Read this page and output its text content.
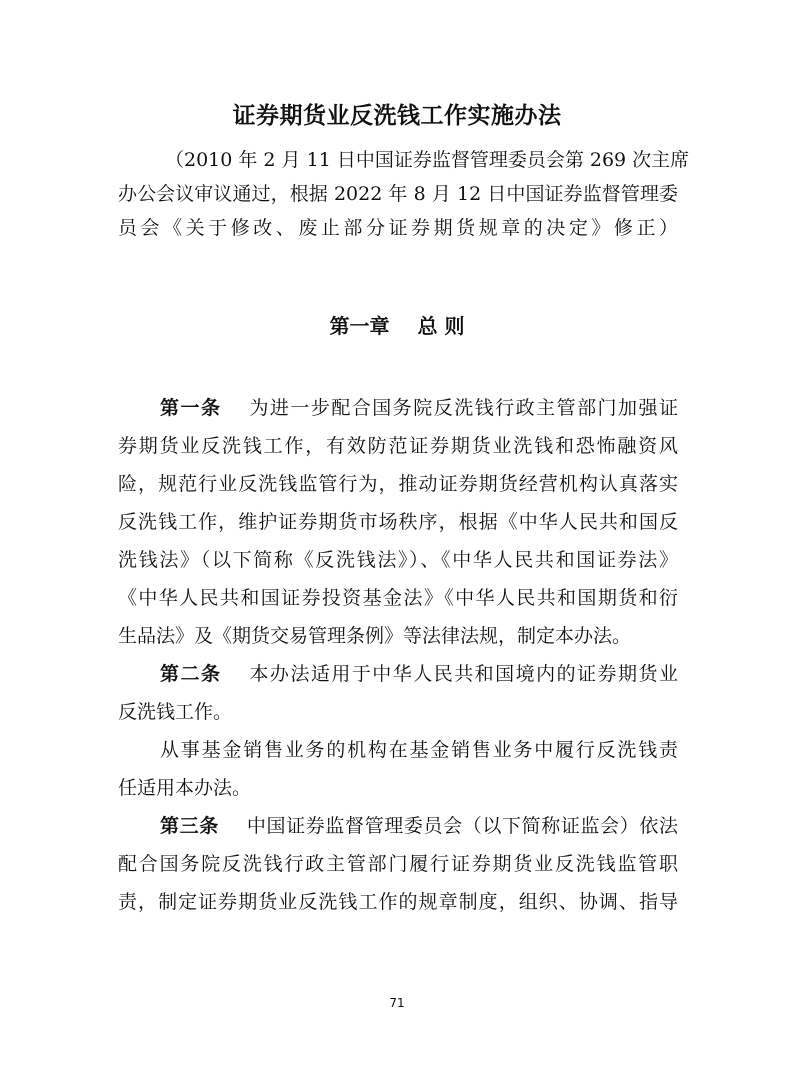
证券期货业反洗钱工作实施办法
（2010 年 2 月 11 日中国证券监督管理委员会第 269 次主席
办公会议审议通过，根据 2022 年 8 月 12 日中国证券监督管理委
员会《关于修改、废止部分证券期货规章的决定》修正）
第一章 总 则
第一条 为进一步配合国务院反洗钱行政主管部门加强证
券期货业反洗钱工作，有效防范证券期货业洗钱和恐怖融资风
险，规范行业反洗钱监管行为，推动证券期货经营机构认真落实
反洗钱工作，维护证券期货市场秩序，根据《中华人民共和国反
洗钱法》（以下简称《反洗钱法》）、《中华人民共和国证券法》
《中华人民共和国证券投资基金法》《中华人民共和国期货和衍
生品法》及《期货交易管理条例》等法律法规，制定本办法。
第二条 本办法适用于中华人民共和国境内的证券期货业
反洗钱工作。
从事基金销售业务的机构在基金销售业务中履行反洗钱责
任适用本办法。
第三条 中国证券监督管理委员会（以下简称证监会）依法
配合国务院反洗钱行政主管部门履行证券期货业反洗钱监管职
责，制定证券期货业反洗钱工作的规章制度，组织、协调、指导
71
